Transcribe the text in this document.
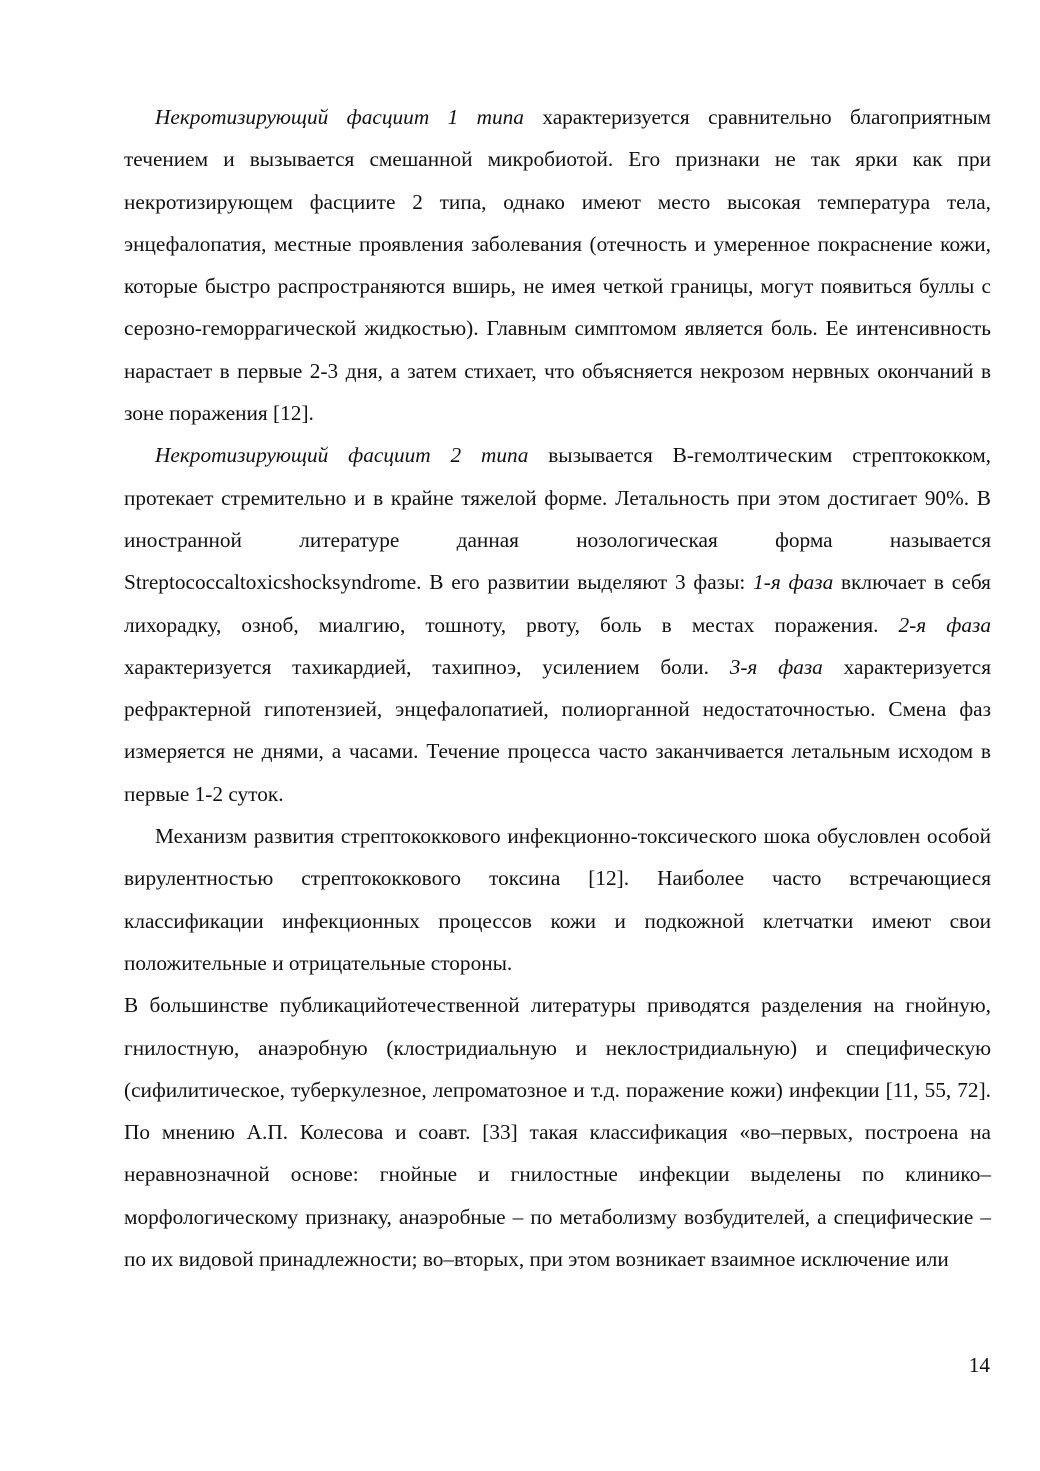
Некротизирующий фасциит 1 типа характеризуется сравнительно благоприятным течением и вызывается смешанной микробиотой. Его признаки не так ярки как при некротизирующем фасциите 2 типа, однако имеют место высокая температура тела, энцефалопатия, местные проявления заболевания (отечность и умеренное покраснение кожи, которые быстро распространяются вширь, не имея четкой границы, могут появиться буллы с серозно-геморрагической жидкостью). Главным симптомом является боль. Ее интенсивность нарастает в первые 2-3 дня, а затем стихает, что объясняется некрозом нервных окончаний в зоне поражения [12].

Некротизирующий фасциит 2 типа вызывается B-гемолтическим стрептококком, протекает стремительно и в крайне тяжелой форме. Летальность при этом достигает 90%. В иностранной литературе данная нозологическая форма называется Streptococcaltoxicshocksyndrome. В его развитии выделяют 3 фазы: 1-я фаза включает в себя лихорадку, озноб, миалгию, тошноту, рвоту, боль в местах поражения. 2-я фаза характеризуется тахикардией, тахипноэ, усилением боли. 3-я фаза характеризуется рефрактерной гипотензией, энцефалопатией, полиорганной недостаточностью. Смена фаз измеряется не днями, а часами. Течение процесса часто заканчивается летальным исходом в первые 1-2 суток.

Механизм развития стрептококкового инфекционно-токсического шока обусловлен особой вирулентностью стрептококкового токсина [12]. Наиболее часто встречающиеся классификации инфекционных процессов кожи и подкожной клетчатки имеют свои положительные и отрицательные стороны.

В большинстве публикацийотечественной литературы приводятся разделения на гнойную, гнилостную, анаэробную (клостридиальную и неклостридиальную) и специфическую (сифилитическое, туберкулезное, лепроматозное и т.д. поражение кожи) инфекции [11, 55, 72]. По мнению А.П. Колесова и соавт. [33] такая классификация «во–первых, построена на неравнозначной основе: гнойные и гнилостные инфекции выделены по клинико–морфологическому признаку, анаэробные – по метаболизму возбудителей, а специфические – по их видовой принадлежности; во–вторых, при этом возникает взаимное исключение или

14
